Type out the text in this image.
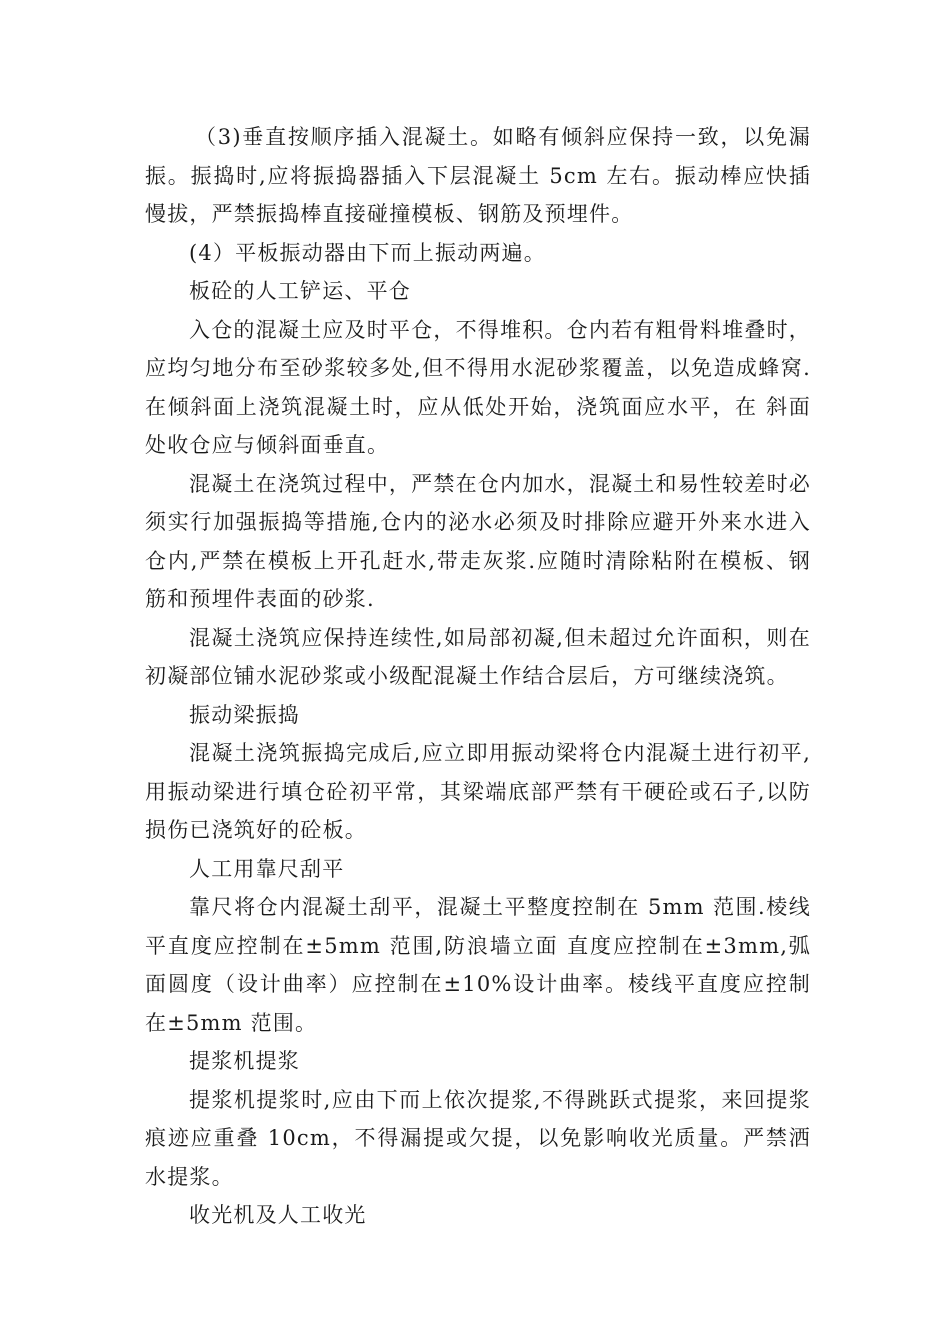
（3)垂直按顺序插入混凝土。如略有倾斜应保持一致，以免漏振。振捣时,应将振捣器插入下层混凝土 5cm 左右。振动棒应快插慢拔，严禁振捣棒直接碰撞模板、钢筋及预埋件。

(4）平板振动器由下而上振动两遍。

板砼的人工铲运、平仓

入仓的混凝土应及时平仓，不得堆积。仓内若有粗骨料堆叠时，应均匀地分布至砂浆较多处,但不得用水泥砂浆覆盖，以免造成蜂窝.在倾斜面上浇筑混凝土时，应从低处开始，浇筑面应水平，在 斜面处收仓应与倾斜面垂直。

混凝土在浇筑过程中，严禁在仓内加水，混凝土和易性较差时必须实行加强振捣等措施,仓内的泌水必须及时排除应避开外来水进入仓内,严禁在模板上开孔赶水,带走灰浆.应随时清除粘附在模板、钢筋和预埋件表面的砂浆.

混凝土浇筑应保持连续性,如局部初凝,但未超过允许面积，则在初凝部位铺水泥砂浆或小级配混凝土作结合层后，方可继续浇筑。

振动梁振捣

混凝土浇筑振捣完成后,应立即用振动梁将仓内混凝土进行初平,用振动梁进行填仓砼初平常，其梁端底部严禁有干硬砼或石子,以防损伤已浇筑好的砼板。

人工用靠尺刮平

靠尺将仓内混凝土刮平，混凝土平整度控制在 5mm 范围.棱线平直度应控制在±5mm 范围,防浪墙立面 直度应控制在±3mm,弧面圆度（设计曲率）应控制在±10%设计曲率。棱线平直度应控制在±5mm 范围。

提浆机提浆

提浆机提浆时,应由下而上依次提浆,不得跳跃式提浆，来回提浆痕迹应重叠 10cm，不得漏提或欠提，以免影响收光质量。严禁洒水提浆。

收光机及人工收光
